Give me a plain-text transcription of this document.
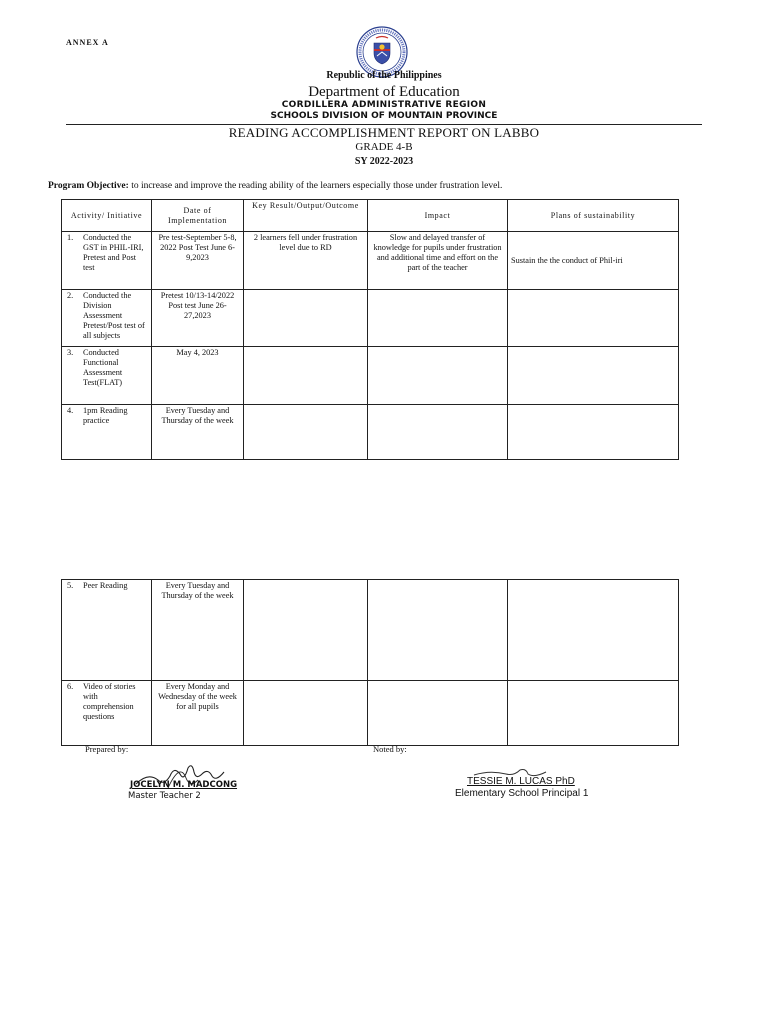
ANNEX A
Republic of the Philippines
Department of Education
CORDILLERA ADMINISTRATIVE REGION
SCHOOLS DIVISION OF MOUNTAIN PROVINCE
READING ACCOMPLISHMENT REPORT ON LABBO
GRADE 4-B
SY 2022-2023
Program Objective: to increase and improve the reading ability of the learners especially those under frustration level.
Activity/ Initiative	Date of Implementation	Key Result/Output/Outcome	Impact	Plans of sustainability

1. Conducted the GST in PHIL-IRI, Pretest and Post test	Pre test-September 5-8, 2022 Post Test June 6-9,2023	2 learners fell under frustration level due to RD	Slow and delayed transfer of knowledge for pupils under frustration and additional time and effort on the part of the teacher	Sustain the the conduct of Phil-iri

2. Conducted the Division Assessment Pretest/Post test of all subjects	Pretest 10/13-14/2022 Post test June 26-27,2023			

3. Conducted Functional Assessment Test(FLAT)	May 4, 2023			

4. 1pm Reading practice	Every Tuesday and Thursday of the week			
5. Peer Reading	Every Tuesday and Thursday of the week			

6. Video of stories with comprehension questions	Every Monday and Wednesday of the week for all pupils			
Prepared by:	Noted by:
JOCELYN M. MADCONG
Master Teacher 2
TESSIE M. LUCAS PhD
Elementary School Principal 1
